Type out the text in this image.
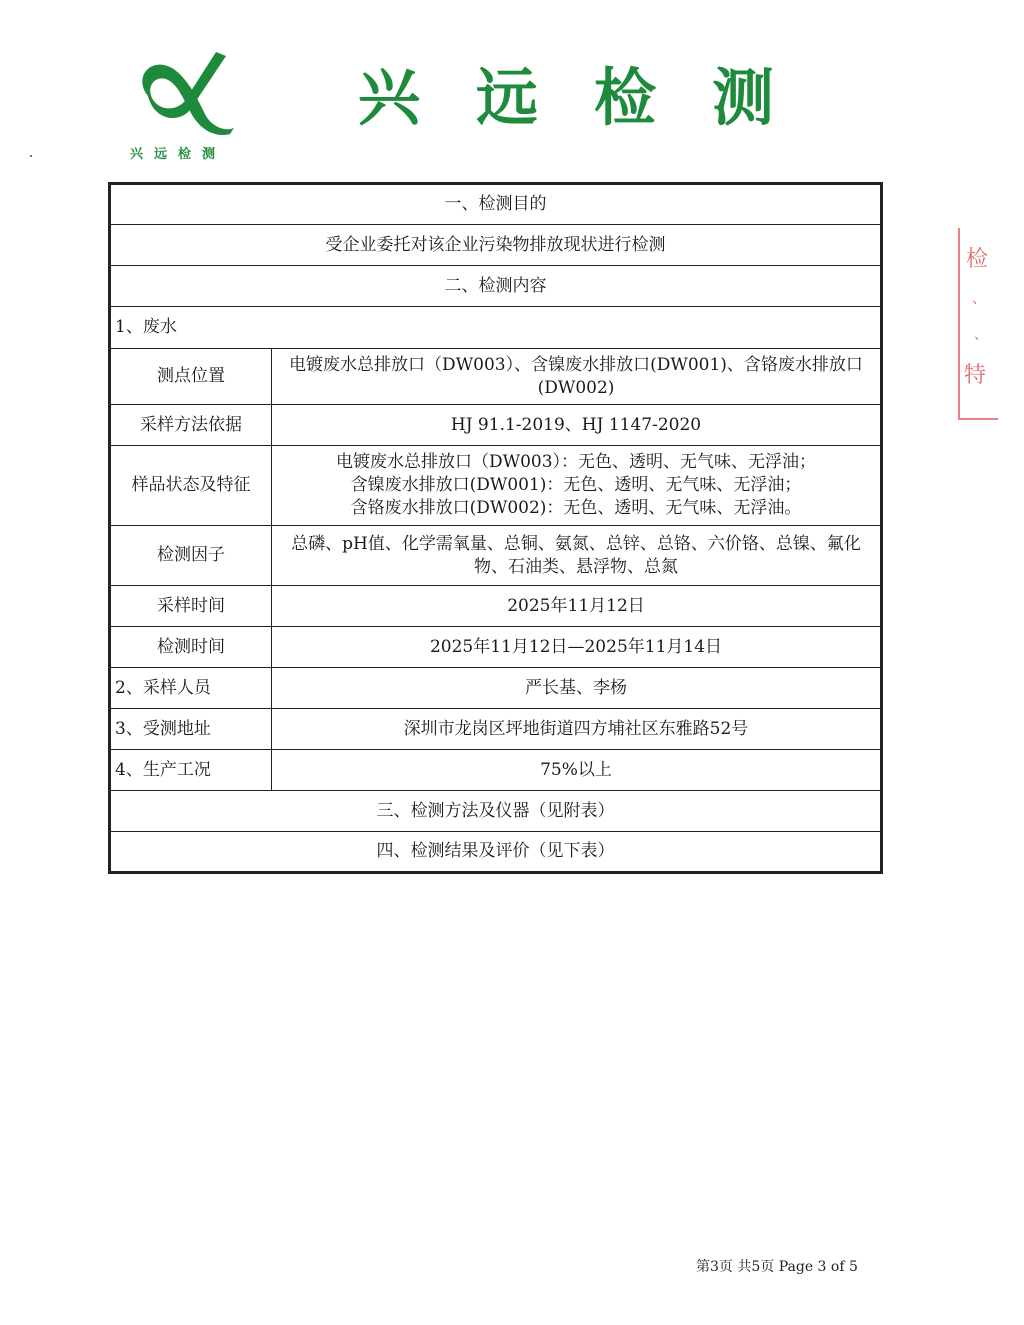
兴远检测
兴远检测
检
、
、
特
一、检测目的	
受企业委托对该企业污染物排放现状进行检测	
二、检测内容	
1、废水	
测点位置	电镀废水总排放口（DW003）、含镍废水排放口(DW001)、含铬废水排放口(DW002)
采样方法依据	HJ 91.1-2019、HJ 1147-2020
样品状态及特征	电镀废水总排放口（DW003）：无色、透明、无气味、无浮油；
含镍废水排放口(DW001)：无色、透明、无气味、无浮油；
含铬废水排放口(DW002)：无色、透明、无气味、无浮油。

检测因子	总磷、pH值、化学需氧量、总铜、氨氮、总锌、总铬、六价铬、总镍、氟化物、石油类、悬浮物、总氮
采样时间	2025年11月12日
检测时间	2025年11月12日—2025年11月14日
2、采样人员	严长基、李杨
3、受测地址	深圳市龙岗区坪地街道四方埔社区东雅路52号
4、生产工况	75%以上
三、检测方法及仪器（见附表）	
四、检测结果及评价（见下表）	
第3页 共5页 Page 3 of 5
